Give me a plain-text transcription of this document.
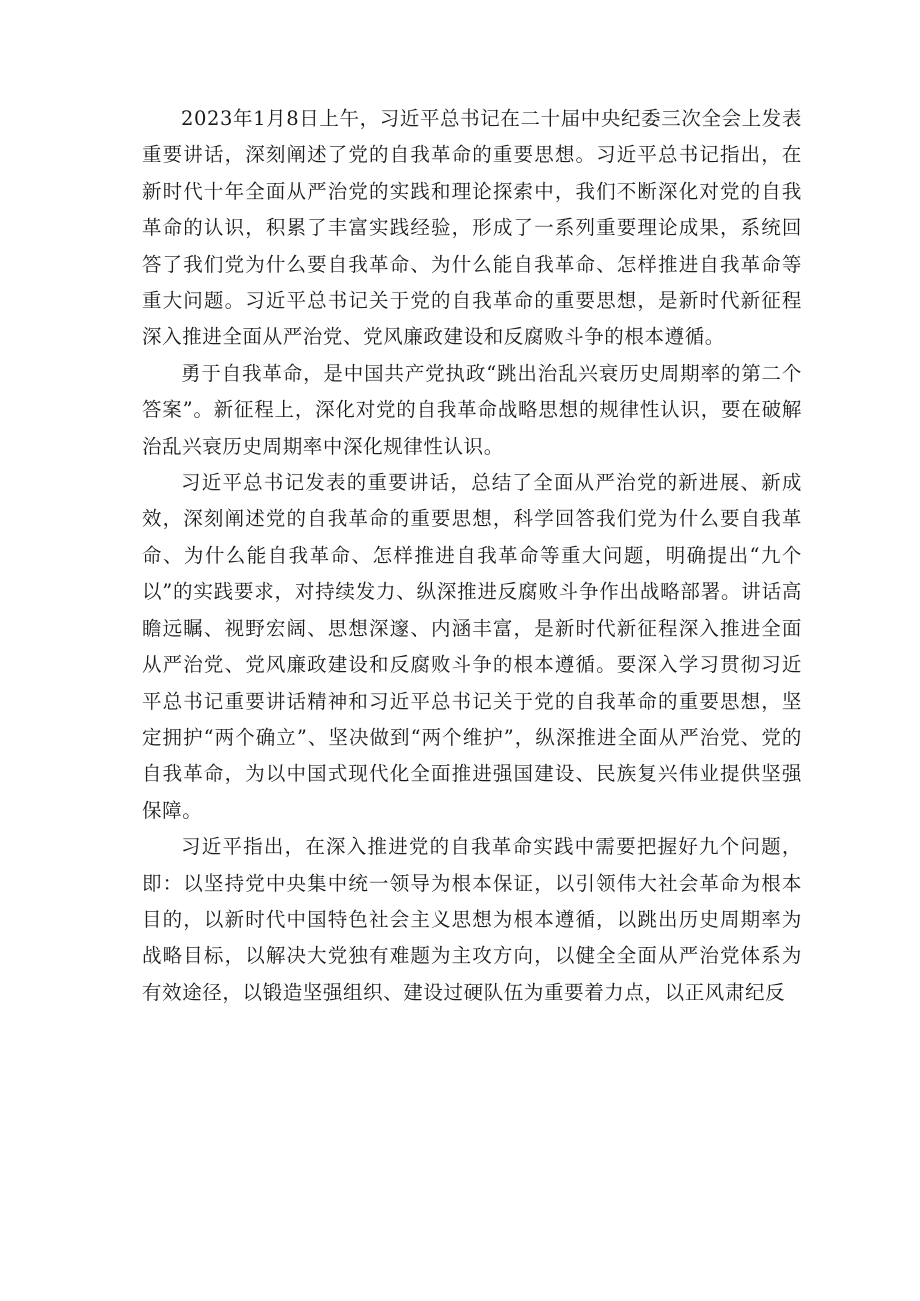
2023年1月8日上午，习近平总书记在二十届中央纪委三次全会上发表重要讲话，深刻阐述了党的自我革命的重要思想。习近平总书记指出，在新时代十年全面从严治党的实践和理论探索中，我们不断深化对党的自我革命的认识，积累了丰富实践经验，形成了一系列重要理论成果，系统回答了我们党为什么要自我革命、为什么能自我革命、怎样推进自我革命等重大问题。习近平总书记关于党的自我革命的重要思想，是新时代新征程深入推进全面从严治党、党风廉政建设和反腐败斗争的根本遵循。

勇于自我革命，是中国共产党执政“跳出治乱兴衰历史周期率的第二个答案”。新征程上，深化对党的自我革命战略思想的规律性认识，要在破解治乱兴衰历史周期率中深化规律性认识。

习近平总书记发表的重要讲话，总结了全面从严治党的新进展、新成效，深刻阐述党的自我革命的重要思想，科学回答我们党为什么要自我革命、为什么能自我革命、怎样推进自我革命等重大问题，明确提出“九个以”的实践要求，对持续发力、纵深推进反腐败斗争作出战略部署。讲话高瞻远瞩、视野宏阔、思想深邃、内涵丰富，是新时代新征程深入推进全面从严治党、党风廉政建设和反腐败斗争的根本遵循。要深入学习贯彻习近平总书记重要讲话精神和习近平总书记关于党的自我革命的重要思想，坚定拥护“两个确立”、坚决做到“两个维护”，纵深推进全面从严治党、党的自我革命，为以中国式现代化全面推进强国建设、民族复兴伟业提供坚强保障。

习近平指出，在深入推进党的自我革命实践中需要把握好九个问题，即：以坚持党中央集中统一领导为根本保证，以引领伟大社会革命为根本目的，以新时代中国特色社会主义思想为根本遵循，以跳出历史周期率为战略目标，以解决大党独有难题为主攻方向，以健全全面从严治党体系为有效途径，以锻造坚强组织、建设过硬队伍为重要着力点，以正风肃纪反
